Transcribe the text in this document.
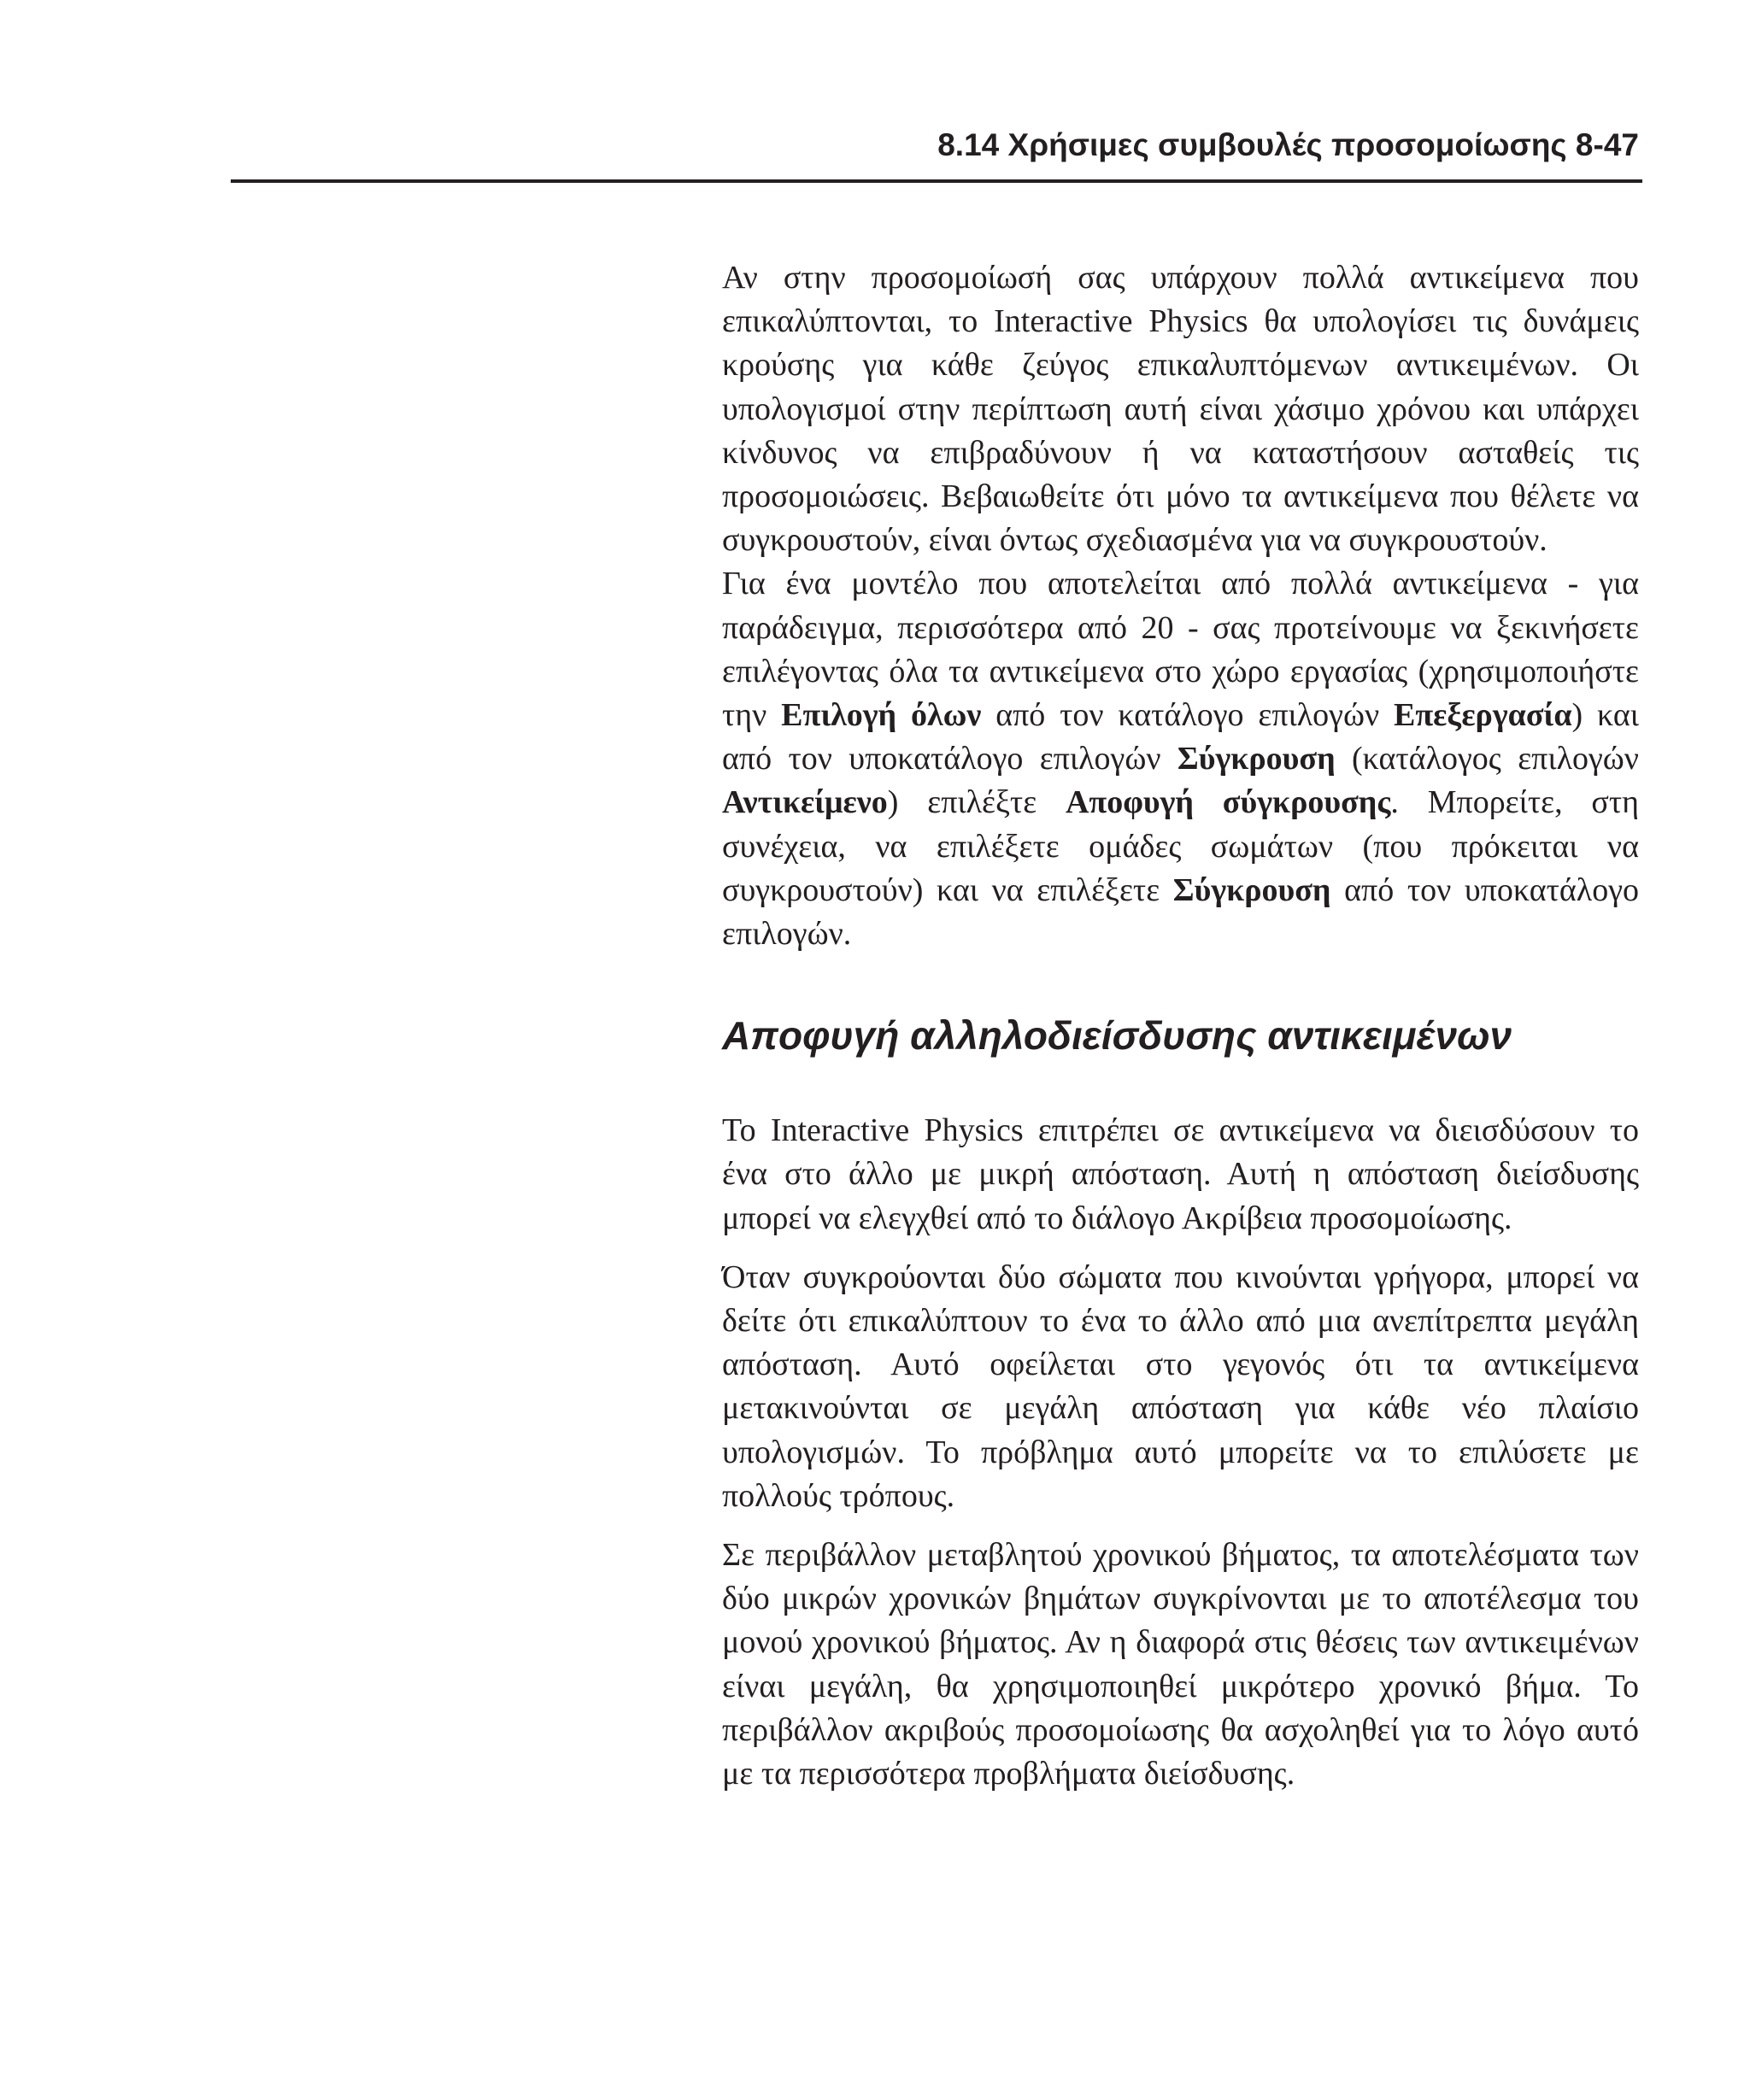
8.14 Χρήσιμες συμβουλές προσομοίωσης 8-47

Αν στην προσομοίωσή σας υπάρχουν πολλά αντικείμενα που επικαλύπτονται, το Interactive Physics θα υπολογίσει τις δυνάμεις κρούσης για κάθε ζεύγος επικαλυπτόμενων αντικειμένων. Οι υπολογισμοί στην περίπτωση αυτή είναι χάσιμο χρόνου και υπάρχει κίνδυνος να επιβραδύνουν ή να καταστήσουν ασταθείς τις προσομοιώσεις. Βεβαιωθείτε ότι μόνο τα αντικείμενα που θέλετε να συγκρουστούν, είναι όντως σχεδιασμένα για να συγκρουστούν.

Για ένα μοντέλο που αποτελείται από πολλά αντικείμενα - για παράδειγμα, περισσότερα από 20 - σας προτείνουμε να ξεκινήσετε επιλέγοντας όλα τα αντικείμενα στο χώρο εργασίας (χρησιμοποιήστε την Επιλογή όλων από τον κατάλογο επιλογών Επεξεργασία) και από τον υποκατάλογο επιλογών Σύγκρουση (κατάλογος επιλογών Αντικείμενο) επιλέξτε Αποφυγή σύγκρουσης. Μπορείτε, στη συνέχεια, να επιλέξετε ομάδες σωμάτων (που πρόκειται να συγκρουστούν) και να επιλέξετε Σύγκρουση από τον υποκατάλογο επιλογών.

Αποφυγή αλληλοδιείσδυσης αντικειμένων

Το Interactive Physics επιτρέπει σε αντικείμενα να διεισδύσουν το ένα στο άλλο με μικρή απόσταση. Αυτή η απόσταση διείσδυσης μπορεί να ελεγχθεί από το διάλογο Ακρίβεια προσομοίωσης.

Όταν συγκρούονται δύο σώματα που κινούνται γρήγορα, μπορεί να δείτε ότι επικαλύπτουν το ένα το άλλο από μια ανεπίτρεπτα μεγάλη απόσταση. Αυτό οφείλεται στο γεγονός ότι τα αντικείμενα μετακινούνται σε μεγάλη απόσταση για κάθε νέο πλαίσιο υπολογισμών. Το πρόβλημα αυτό μπορείτε να το επιλύσετε με πολλούς τρόπους.

Σε περιβάλλον μεταβλητού χρονικού βήματος, τα αποτελέσματα των δύο μικρών χρονικών βημάτων συγκρίνονται με το αποτέλεσμα του μονού χρονικού βήματος. Αν η διαφορά στις θέσεις των αντικειμένων είναι μεγάλη, θα χρησιμοποιηθεί μικρότερο χρονικό βήμα. Το περιβάλλον ακριβούς προσομοίωσης θα ασχοληθεί για το λόγο αυτό με τα περισσότερα προβλήματα διείσδυσης.
